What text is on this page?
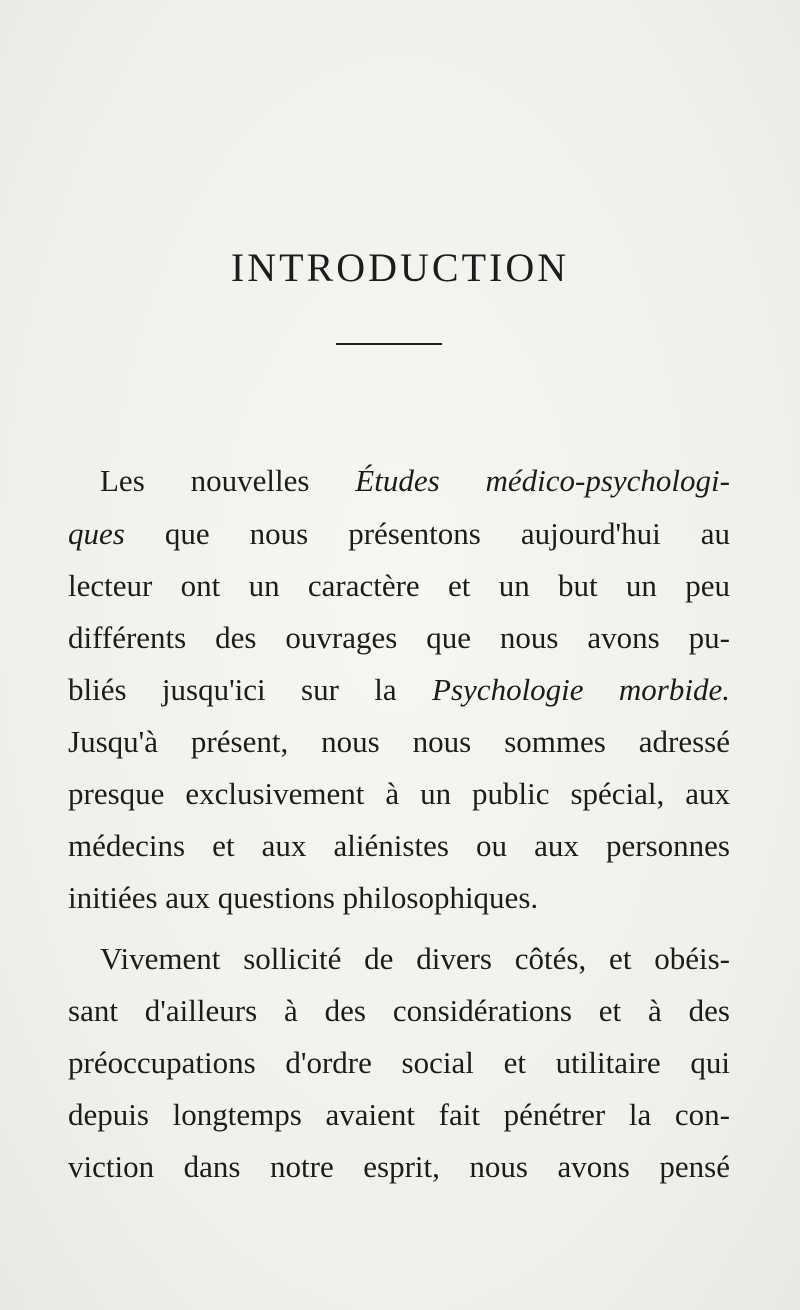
INTRODUCTION
Les nouvelles Études médico-psychologi-
ques que nous présentons aujourd'hui au
lecteur ont un caractère et un but un peu
différents des ouvrages que nous avons pu-
bliés jusqu'ici sur la Psychologie morbide.
Jusqu'à présent, nous nous sommes adressé
presque exclusivement à un public spécial, aux
médecins et aux aliénistes ou aux personnes
initiées aux questions philosophiques.
Vivement sollicité de divers côtés, et obéis-
sant d'ailleurs à des considérations et à des
préoccupations d'ordre social et utilitaire qui
depuis longtemps avaient fait pénétrer la con-
viction dans notre esprit, nous avons pensé
